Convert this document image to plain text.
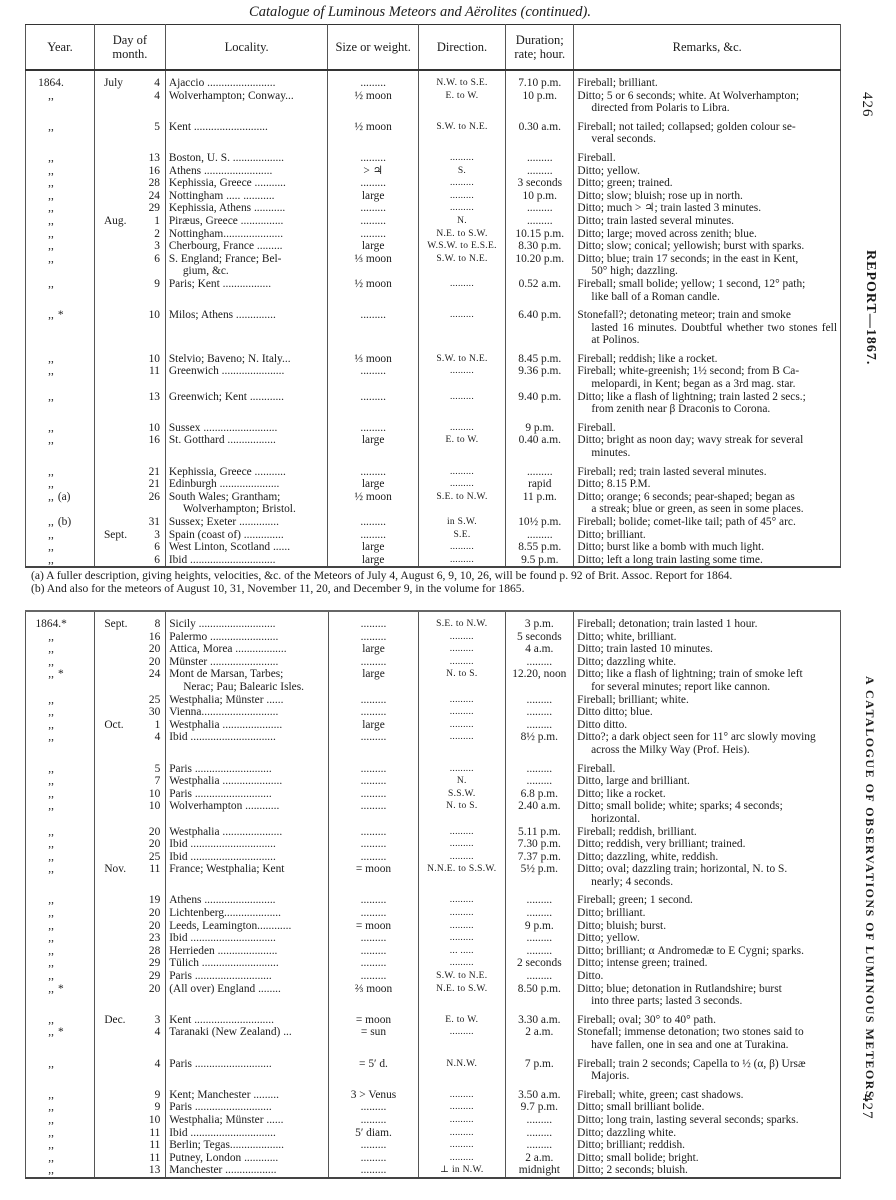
Catalogue of Luminous Meteors and Aërolites (continued).
426
REPORT—1867.
A CATALOGUE OF OBSERVATIONS OF LUMINOUS METEORS.
427
Year.	Day of month.	Locality.	Size or weight.	Direction.	Duration; rate; hour.	Remarks, &c.
1864.	July 4	Ajaccio ........................	.........	N.W. to S.E.	7.10 p.m.	Fireball; brilliant.
,,	4	Wolverhampton; Conway...	½ moon	E. to W.	10 p.m.	Ditto; 5 or 6 seconds; white. At Wolverhampton;
directed from Polaris to Libra.

,,	5	Kent ..........................	½ moon	S.W. to N.E.	0.30 a.m.	Fireball; not tailed; collapsed; golden colour se-
veral seconds.

,,	13	Boston, U. S. ..................	.........	.........	.........	Fireball.
,,	16	Athens ........................	> ♃	S.	.........	Ditto; yellow.
,,	28	Kephissia, Greece ...........	.........	.........	3 seconds	Ditto; green; trained.
,,	24	Nottingham ..... ...........	large	.........	10 p.m.	Ditto; slow; bluish; rose up in north.
,,	29	Kephissia, Athens ...........	.........	.........	.........	Ditto; much > ♃; train lasted 3 minutes.
,,	Aug. 1	Piræus, Greece ...............	.........	N.	.........	Ditto; train lasted several minutes.
,,	2	Nottingham.....................	.........	N.E. to S.W.	10.15 p.m.	Ditto; large; moved across zenith; blue.
,,	3	Cherbourg, France .........	large	W.S.W. to E.S.E.	8.30 p.m.	Ditto; slow; conical; yellowish; burst with sparks.
,,	6	S. England; France; Bel-
gium, &c.	⅓ moon	S.W. to N.E.	10.20 p.m.	Ditto; blue; train 17 seconds; in the east in Kent,
50° high; dazzling.

,,	9	Paris; Kent .................	½ moon	.........	0.52 a.m.	Fireball; small bolide; yellow; 1 second, 12° path;
like ball of a Roman candle.

,, *	10	Milos; Athens ..............	.........	.........	6.40 p.m.	Stonefall?; detonating meteor; train and smoke
lasted 16 minutes. Doubtful whether two stones fell at Polinos.

,,	10	Stelvio; Baveno; N. Italy...	⅓ moon	S.W. to N.E.	8.45 p.m.	Fireball; reddish; like a rocket.
,,	11	Greenwich ......................	.........	.........	9.36 p.m.	Fireball; white-greenish; 1½ second; from B Ca-
melopardi, in Kent; began as a 3rd mag. star.

,,	13	Greenwich; Kent ............	.........	.........	9.40 p.m.	Ditto; like a flash of lightning; train lasted 2 secs.;
from zenith near β Draconis to Corona.

,,	10	Sussex ..........................	.........	.........	9 p.m.	Fireball.
,,	16	St. Gotthard .................	large	E. to W.	0.40 a.m.	Ditto; bright as noon day; wavy streak for several
minutes.

,,	21	Kephissia, Greece ...........	.........	.........	.........	Fireball; red; train lasted several minutes.
,,	21	Edinburgh .....................	large	.........	rapid	Ditto; 8.15 P.M.
,, (a)	26	South Wales; Grantham;
Wolverhampton; Bristol.	½ moon	S.E. to N.W.	11 p.m.	Ditto; orange; 6 seconds; pear-shaped; began as
a streak; blue or green, as seen in some places.

,, (b)	31	Sussex; Exeter ..............	.........	in S.W.	10½ p.m.	Fireball; bolide; comet-like tail; path of 45° arc.
,,	Sept. 3	Spain (coast of) ..............	.........	S.E.	.........	Ditto; brilliant.
,,	6	West Linton, Scotland ......	large	.........	8.55 p.m.	Ditto; burst like a bomb with much light.
,,	6	Ibid ..............................	large	.........	9.5 p.m.	Ditto; left a long train lasting some time.
(a) A fuller description, giving heights, velocities, &c. of the Meteors of July 4, August 6, 9, 10, 26, will be found p. 92 of Brit. Assoc. Report for 1864.
(b) And also for the meteors of August 10, 31, November 11, 20, and December 9, in the volume for 1865.
1864.*	Sept. 8	Sicily ...........................	.........	S.E. to N.W.	3 p.m.	Fireball; detonation; train lasted 1 hour.
,,	16	Palermo ........................	.........	.........	5 seconds	Ditto; white, brilliant.
,,	20	Attica, Morea ..................	large	.........	4 a.m.	Ditto; train lasted 10 minutes.
,,	20	Münster ........................	.........	.........	.........	Ditto; dazzling white.
,, *	24	Mont de Marsan, Tarbes;
Nerac; Pau; Balearic Isles.	large	N. to S.	12.20, noon	Ditto; like a flash of lightning; train of smoke left
for several minutes; report like cannon.

,,	25	Westphalia; Münster ......	.........	.........	.........	Fireball; brilliant; white.
,,	30	Vienna...........................	.........	.........	.........	Ditto ditto; blue.
,,	Oct. 1	Westphalia .....................	large	.........	.........	Ditto ditto.
,,	4	Ibid ..............................	.........	.........	8½ p.m.	Ditto?; a dark object seen for 11° arc slowly moving
across the Milky Way (Prof. Heis).

,,	5	Paris ...........................	.........	.........	.........	Fireball.
,,	7	Westphalia .....................	.........	N.	.........	Ditto, large and brilliant.
,,	10	Paris ...........................	.........	S.S.W.	6.8 p.m.	Ditto; like a rocket.
,,	10	Wolverhampton ............	.........	N. to S.	2.40 a.m.	Ditto; small bolide; white; sparks; 4 seconds;
horizontal.

,,	20	Westphalia .....................	.........	.........	5.11 p.m.	Fireball; reddish, brilliant.
,,	20	Ibid ..............................	.........	.........	7.30 p.m.	Ditto; reddish, very brilliant; trained.
,,	25	Ibid ..............................	.........	.........	7.37 p.m.	Ditto; dazzling, white, reddish.
,,	Nov. 11	France; Westphalia; Kent	= moon	N.N.E. to S.S.W.	5½ p.m.	Ditto; oval; dazzling train; horizontal, N. to S.
nearly; 4 seconds.

,,	19	Athens .........................	.........	.........	.........	Fireball; green; 1 second.
,,	20	Lichtenberg....................	.........	.........	.........	Ditto; brilliant.
,,	20	Leeds, Leamington............	= moon	.........	9 p.m.	Ditto; bluish; burst.
,,	23	Ibid ..............................	.........	.........	.........	Ditto; yellow.
,,	28	Herrieden .....................	.........	... .....	.........	Ditto; brilliant; α Andromedæ to E Cygni; sparks.
,,	29	Tülich ...........................	.........	.........	2 seconds	Ditto; intense green; trained.
,,	29	Paris ...........................	.........	S.W. to N.E.	.........	Ditto.
,, *	20	(All over) England ........	⅔ moon	N.E. to S.W.	8.50 p.m.	Ditto; blue; detonation in Rutlandshire; burst
into three parts; lasted 3 seconds.

,,	Dec. 3	Kent ............................	= moon	E. to W.	3.30 a.m.	Fireball; oval; 30° to 40° path.
,, *	4	Taranaki (New Zealand) ...	= sun	.........	2 a.m.	Stonefall; immense detonation; two stones said to
have fallen, one in sea and one at Turakina.

,,	4	Paris ...........................	= 5′ d.	N.N.W.	7 p.m.	Fireball; train 2 seconds; Capella to ½ (α, β) Ursæ
Majoris.

,,	9	Kent; Manchester .........	3 > Venus	.........	3.50 a.m.	Fireball; white, green; cast shadows.
,,	9	Paris ...........................	.........	.........	9.7 p.m.	Ditto; small brilliant bolide.
,,	10	Westphalia; Münster ......	.........	.........	.........	Ditto; long train, lasting several seconds; sparks.
,,	11	Ibid ..............................	5′ diam.	.........	.........	Ditto; dazzling white.
,,	11	Berlin; Tegas...................	.........	.........	.........	Ditto; brilliant; reddish.
,,	11	Putney, London ............	.........	.........	2 a.m.	Ditto; small bolide; bright.
,,	13	Manchester ..................	.........	⊥ in N.W.	midnight	Ditto; 2 seconds; bluish.
